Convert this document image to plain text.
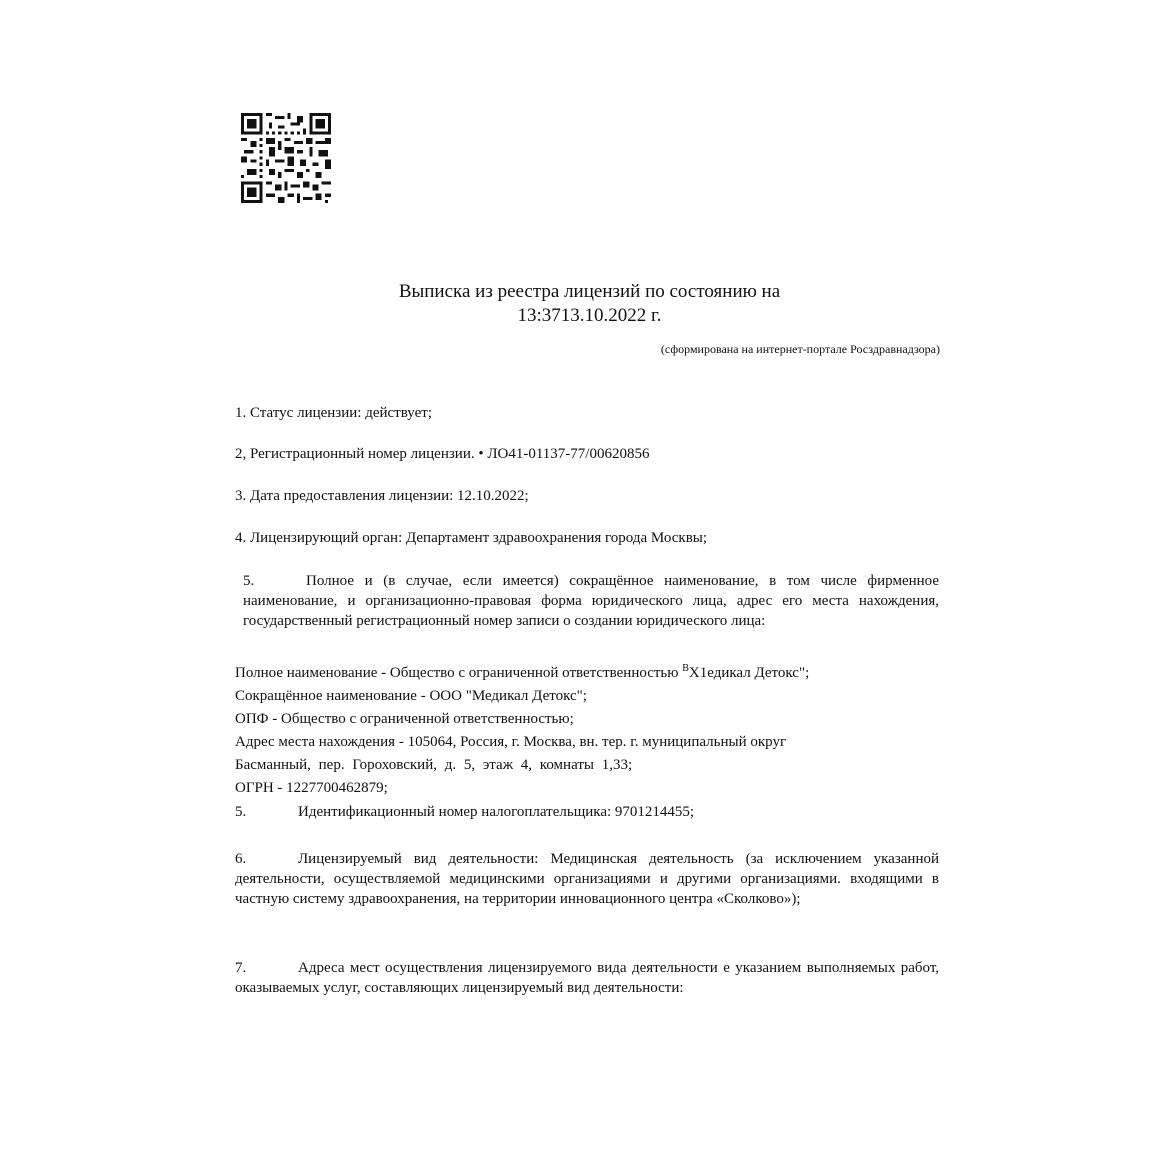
Выписка из реестра лицензий по состоянию на
13:3713.10.2022 г.
(сформирована на интернет-портале Росздравнадзора)
1. Статус лицензии: действует;
2, Регистрационный номер лицензии. • ЛО41-01137-77/00620856
3. Дата предоставления лицензии: 12.10.2022;
4. Лицензирующий орган: Департамент здравоохранения города Москвы;
5.	Полное и (в случае, если имеется) сокращённое наименование, в том числе фирменное наименование, и организационно-правовая форма юридического лица, адрес его места нахождения, государственный регистрационный номер записи о создании юридического лица:
Полное наименование - Общество с ограниченной ответственностью $^В$Х1едикал Детокс";
Сокращённое наименование - ООО "Медикал Детокс";
ОПФ - Общество с ограниченной ответственностью;
Адрес места нахождения - 105064, Россия, г. Москва, вн. тер. г. муниципальный округ
Басманный, пер. Гороховский, д. 5, этаж 4, комнаты 1,33;
ОГРН - 1227700462879;
5.	Идентификационный номер налогоплательщика: 9701214455;
6.	Лицензируемый вид деятельности: Медицинская деятельность (за исключением указанной деятельности, осуществляемой медицинскими организациями и другими организациями. входящими в частную систему здравоохранения, на территории инновационного центра «Сколково»);
7.	Адреса мест осуществления лицензируемого вида деятельности е указанием выполняемых работ, оказываемых услуг, составляющих лицензируемый вид деятельности:
